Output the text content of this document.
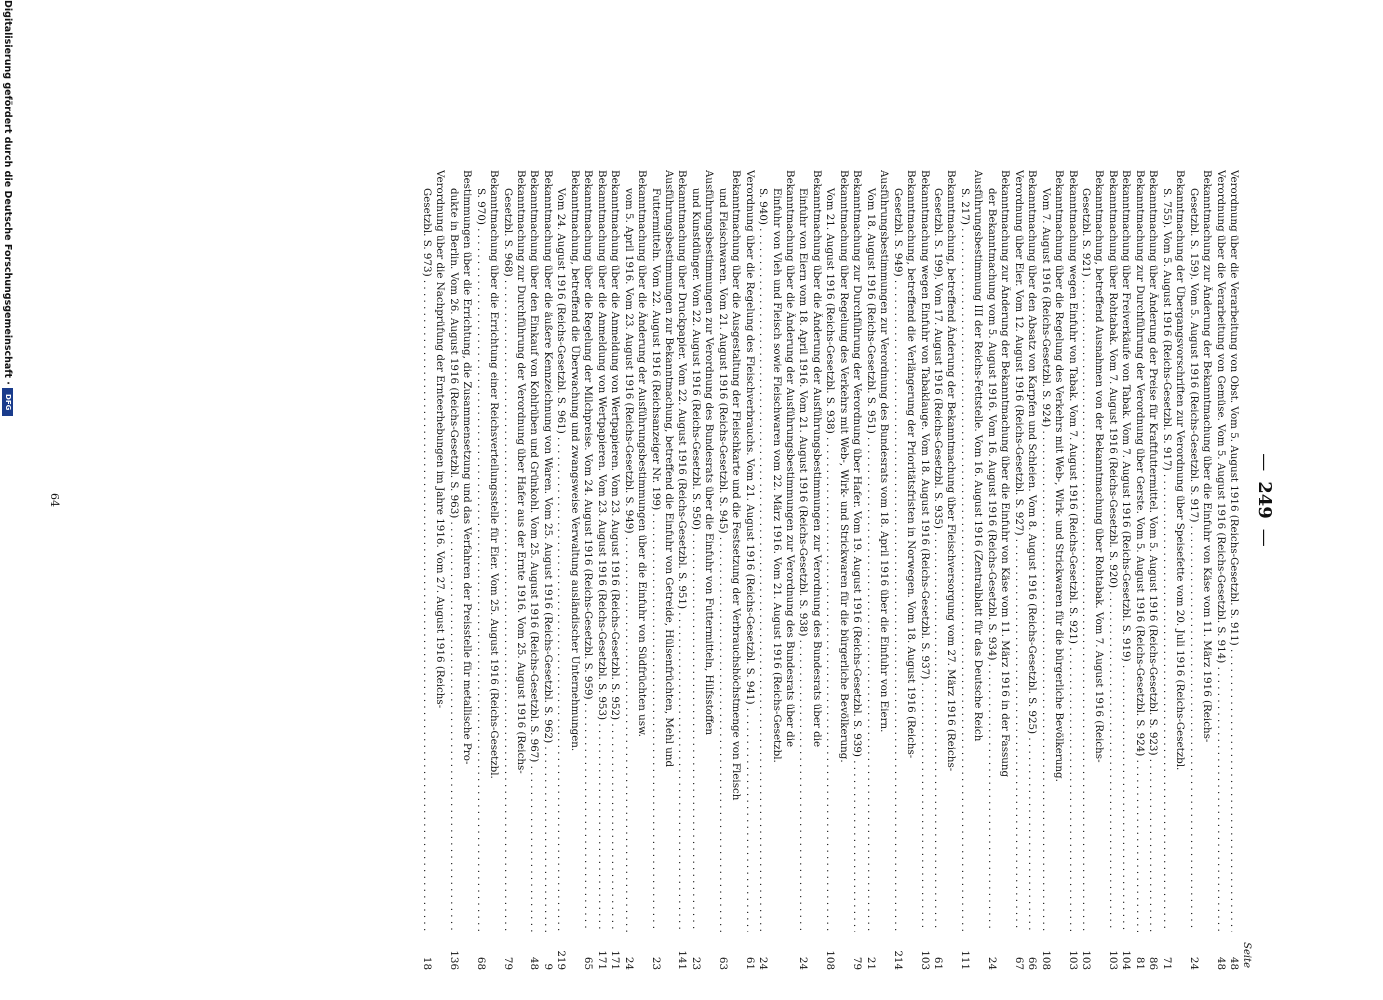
—249—
Seite
Verordnung über die Verarbeitung von Obst. Vom 5. August 1916 (Reichs-Gesetzbl. S. 911) . . .
48
Verordnung über die Verarbeitung von Gemüse. Vom 5. August 1916 (Reichs-Gesetzbl. S. 914) . . .
48
Bekanntmachung zur Änderung der Bekanntmachung über die Einfuhr von Käse vom 11. März 1916 (Reichs-
Gesetzbl. S. 159). Vom 5. August 1916 (Reichs-Gesetzbl. S. 917) . . .
24
Bekanntmachung der Übergangsvorschriften zur Verordnung über Speisefette vom 20. Juli 1916 (Reichs-Gesetzbl.
S. 755). Vom 5. August 1916 (Reichs-Gesetzbl. S. 917) . . .
71
Bekanntmachung über Änderung der Preise für Kraftfuttermittel. Vom 5. August 1916 (Reichs-Gesetzbl. S. 923) . . .
86
Bekanntmachung zur Durchführung der Verordnung über Gerste. Vom 5. August 1916 (Reichs-Gesetzbl. S. 924) . . .
81
Bekanntmachung über Freiverkäufe von Tabak. Vom 7. August 1916 (Reichs-Gesetzbl. S. 919) . . .
104
Bekanntmachung über Rohtabak. Vom 7. August 1916 (Reichs-Gesetzbl. S. 920) . . .
103
Bekanntmachung, betreffend Ausnahmen von der Bekanntmachung über Rohtabak. Vom 7. August 1916 (Reichs-
Gesetzbl. S. 921) . . .
103
Bekanntmachung wegen Einfuhr von Tabak. Vom 7. August 1916 (Reichs-Gesetzbl. S. 921) . . .
103
Bekanntmachung über die Regelung des Verkehrs mit Web-, Wirk- und Strickwaren für die bürgerliche Bevölkerung.
Vom 7. August 1916 (Reichs-Gesetzbl. S. 924) . . .
108
Bekanntmachung über den Absatz von Karpfen und Schleien. Vom 8. August 1916 (Reichs-Gesetzbl. S. 925) . . .
66
Verordnung über Eier. Vom 12. August 1916 (Reichs-Gesetzbl. S. 927) . . .
67
Bekanntmachung zur Änderung der Bekanntmachung über die Einfuhr von Käse vom 11. März 1916 in der Fassung
der Bekanntmachung vom 5. August 1916. Vom 16. August 1916 (Reichs-Gesetzbl. S. 934) . . .
24
Ausführungsbestimmung III der Reichs-Fettstelle. Vom 16. August 1916 (Zentralblatt für das Deutsche Reich
S. 217) . . .
111
Bekanntmachung, betreffend Änderung der Bekanntmachung über Fleischversorgung vom 27. März 1916 (Reichs-
Gesetzbl. S. 199). Vom 17. August 1916 (Reichs-Gesetzbl. S. 935) . . .
61
Bekanntmachung wegen Einfuhr von Tabaklauge. Vom 18. August 1916 (Reichs-Gesetzbl. S. 937) . . .
103
Bekanntmachung, betreffend die Verlängerung der Prioritätsfristen in Norwegen. Vom 18. August 1916 (Reichs-
Gesetzbl. S. 949) . . .
214
Ausführungsbestimmungen zur Verordnung des Bundesrats vom 18. April 1916 über die Einfuhr von Eiern.
Vom 18. August 1916 (Reichs-Gesetzbl. S. 951) . . .
21
Bekanntmachung zur Durchführung der Verordnung über Hafer. Vom 19. August 1916 (Reichs-Gesetzbl. S. 939) . . .
79
Bekanntmachung über Regelung des Verkehrs mit Web-, Wirk- und Strickwaren für die bürgerliche Bevölkerung.
Vom 21. August 1916 (Reichs-Gesetzbl. S. 938) . . .
108
Bekanntmachung über die Änderung der Ausführungsbestimmungen zur Verordnung des Bundesrats über die
Einfuhr von Eiern vom 18. April 1916. Vom 21. August 1916 (Reichs-Gesetzbl. S. 938) . . .
24
Bekanntmachung über die Änderung der Ausführungsbestimmungen zur Verordnung des Bundesrats über die
Einfuhr von Vieh und Fleisch sowie Fleischwaren vom 22. März 1916. Vom 21. August 1916 (Reichs-Gesetzbl.
S. 940) . . .
24
Verordnung über die Regelung des Fleischverbrauchs. Vom 21. August 1916 (Reichs-Gesetzbl. S. 941) . . .
61
Bekanntmachung über die Ausgestaltung der Fleischkarte und die Festsetzung der Verbrauchshöchstmenge von Fleisch
und Fleischwaren. Vom 21. August 1916 (Reichs-Gesetzbl. S. 945) . . .
63
Ausführungsbestimmungen zur Verordnung des Bundesrats über die Einfuhr von Futtermitteln, Hilfsstoffen
und Kunstdünger. Vom 22. August 1916 (Reichs-Gesetzbl. S. 950) . . .
23
Bekanntmachung über Druckpapier. Vom 22. August 1916 (Reichs-Gesetzbl. S. 951) . . .
141
Ausführungsbestimmungen zur Bekanntmachung, betreffend die Einfuhr von Getreide, Hülsenfrüchten, Mehl und
Futtermitteln. Vom 22. August 1916 (Reichsanzeiger Nr. 199) . . .
23
Bekanntmachung über die Änderung der Ausführungsbestimmungen über die Einfuhr von Südfrüchten usw.
vom 5. April 1916. Vom 23. August 1916 (Reichs-Gesetzbl. S. 949) . . .
24
Bekanntmachung über die Anmeldung von Wertpapieren. Vom 23. August 1916 (Reichs-Gesetzbl. S. 952) . . .
171
Bekanntmachung über die Anmeldung von Wertpapieren. Vom 23. August 1916 (Reichs-Gesetzbl. S. 953) . . .
171
Bekanntmachung über die Regelung der Milchpreise. Vom 24. August 1916 (Reichs-Gesetzbl. S. 959) . . .
65
Bekanntmachung, betreffend die Überwachung und zwangsweise Verwaltung ausländischer Unternehmungen.
Vom 24. August 1916 (Reichs-Gesetzbl. S. 961) . . .
219
Bekanntmachung über die äußere Kennzeichnung von Waren. Vom 25. August 1916 (Reichs-Gesetzbl. S. 962) . . .
9
Bekanntmachung über den Einkauf von Kohlrüben und Grünkohl. Vom 25. August 1916 (Reichs-Gesetzbl. S. 967) . . .
48
Bekanntmachung zur Durchführung der Verordnung über Hafer aus der Ernte 1916. Vom 25. August 1916 (Reichs-
Gesetzbl. S. 968) . . .
79
Bekanntmachung über die Errichtung einer Reichsverteilungsstelle für Eier. Vom 25. August 1916 (Reichs-Gesetzbl.
S. 970) . . .
68
Bestimmungen über die Errichtung, die Zusammensetzung und das Verfahren der Preisstelle für metallische Pro-
dukte in Berlin. Vom 26. August 1916 (Reichs-Gesetzbl. S. 963) . . .
136
Verordnung über die Nachprüfung der Ernteerhebungen im Jahre 1916. Vom 27. August 1916 (Reichs-
Gesetzbl. S. 973) . . .
18
64
Digitalisierung gefördert durch die Deutsche Forschungsgemeinschaft · DFG
